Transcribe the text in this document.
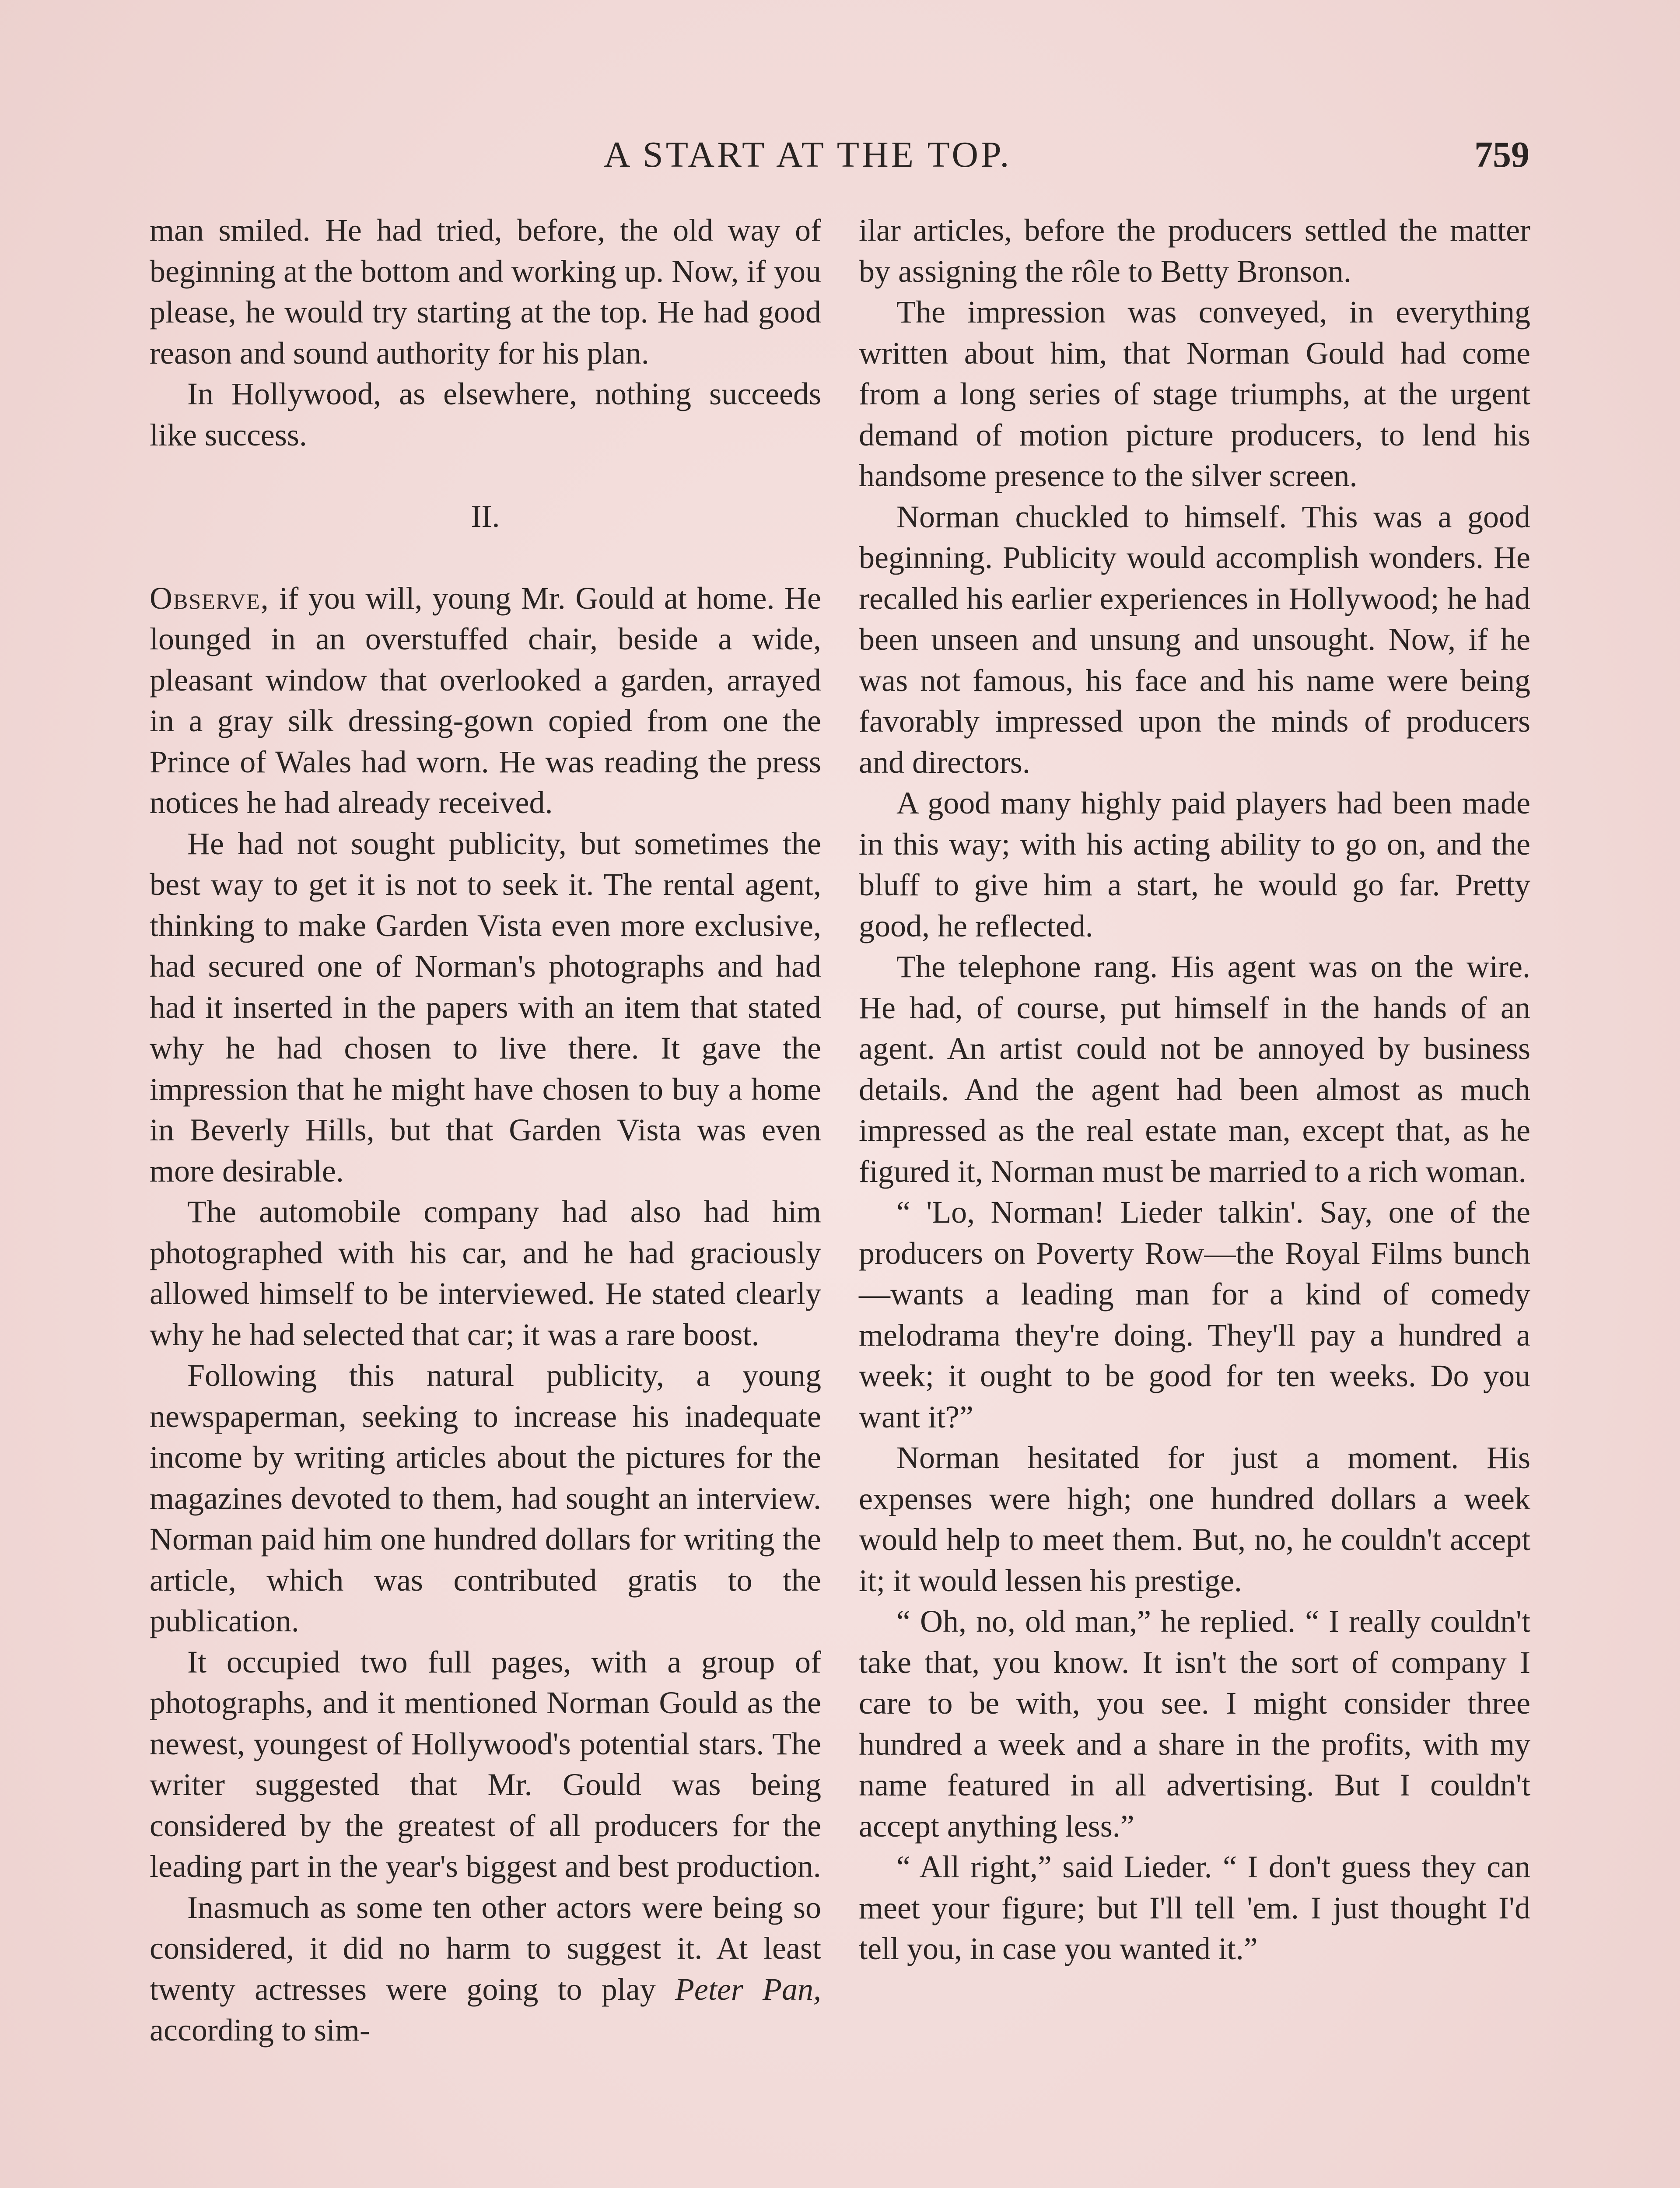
A START AT THE TOP.	759

man smiled. He had tried, before, the old way of beginning at the bottom and working up. Now, if you please, he would try starting at the top. He had good reason and sound authority for his plan.

In Hollywood, as elsewhere, nothing succeeds like success.

II.

Observe, if you will, young Mr. Gould at home. He lounged in an overstuffed chair, beside a wide, pleasant window that overlooked a garden, arrayed in a gray silk dressing-gown copied from one the Prince of Wales had worn. He was reading the press notices he had already received.

He had not sought publicity, but sometimes the best way to get it is not to seek it. The rental agent, thinking to make Garden Vista even more exclusive, had secured one of Norman's photographs and had had it inserted in the papers with an item that stated why he had chosen to live there. It gave the impression that he might have chosen to buy a home in Beverly Hills, but that Garden Vista was even more desirable.

The automobile company had also had him photographed with his car, and he had graciously allowed himself to be interviewed. He stated clearly why he had selected that car; it was a rare boost.

Following this natural publicity, a young newspaperman, seeking to increase his inadequate income by writing articles about the pictures for the magazines devoted to them, had sought an interview. Norman paid him one hundred dollars for writing the article, which was contributed gratis to the publication.

It occupied two full pages, with a group of photographs, and it mentioned Norman Gould as the newest, youngest of Hollywood's potential stars. The writer suggested that Mr. Gould was being considered by the greatest of all producers for the leading part in the year's biggest and best production.

Inasmuch as some ten other actors were being so considered, it did no harm to suggest it. At least twenty actresses were going to play Peter Pan, according to sim-

ilar articles, before the producers settled the matter by assigning the rôle to Betty Bronson.

The impression was conveyed, in everything written about him, that Norman Gould had come from a long series of stage triumphs, at the urgent demand of motion picture producers, to lend his handsome presence to the silver screen.

Norman chuckled to himself. This was a good beginning. Publicity would accomplish wonders. He recalled his earlier experiences in Hollywood; he had been unseen and unsung and unsought. Now, if he was not famous, his face and his name were being favorably impressed upon the minds of producers and directors.

A good many highly paid players had been made in this way; with his acting ability to go on, and the bluff to give him a start, he would go far. Pretty good, he reflected.

The telephone rang. His agent was on the wire. He had, of course, put himself in the hands of an agent. An artist could not be annoyed by business details. And the agent had been almost as much impressed as the real estate man, except that, as he figured it, Norman must be married to a rich woman.

“ 'Lo, Norman! Lieder talkin'. Say, one of the producers on Poverty Row—the Royal Films bunch—wants a leading man for a kind of comedy melodrama they're doing. They'll pay a hundred a week; it ought to be good for ten weeks. Do you want it?”

Norman hesitated for just a moment. His expenses were high; one hundred dollars a week would help to meet them. But, no, he couldn't accept it; it would lessen his prestige.

“ Oh, no, old man,” he replied. “ I really couldn't take that, you know. It isn't the sort of company I care to be with, you see. I might consider three hundred a week and a share in the profits, with my name featured in all advertising. But I couldn't accept anything less.”

“ All right,” said Lieder. “ I don't guess they can meet your figure; but I'll tell 'em. I just thought I'd tell you, in case you wanted it.”
